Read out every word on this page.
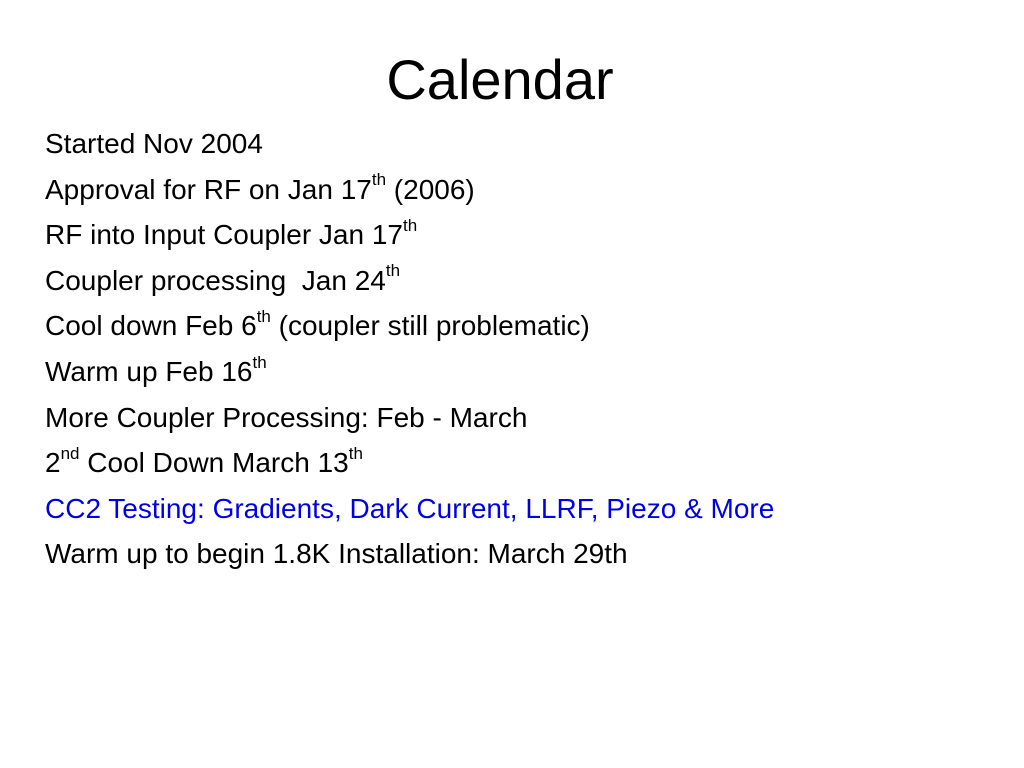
Calendar
Started Nov 2004
Approval for RF on Jan 17th (2006)
RF into Input Coupler Jan 17th
Coupler processing  Jan 24th
Cool down Feb 6th (coupler still problematic)
Warm up Feb 16th
More Coupler Processing: Feb - March
2nd Cool Down March 13th
CC2 Testing: Gradients, Dark Current, LLRF, Piezo & More
Warm up to begin 1.8K Installation: March 29th
